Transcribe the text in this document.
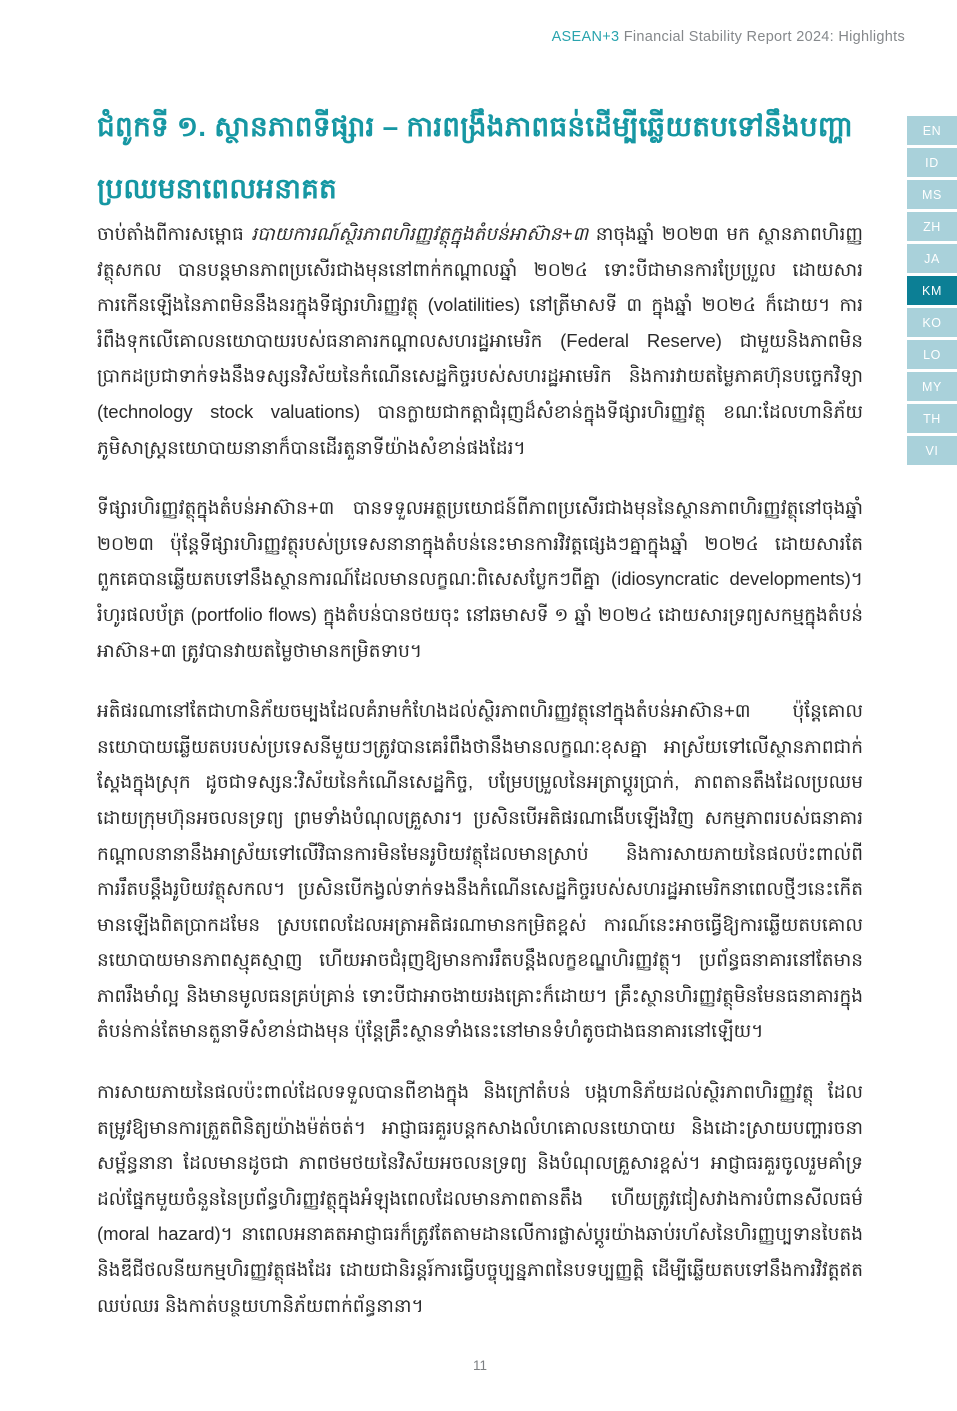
ASEAN+3 Financial Stability Report 2024: Highlights
EN
ID
MS
ZH
JA
KM
KO
LO
MY
TH
VI
ជំពូកទី ១. ស្ថានភាពទីផ្សារ – ការពង្រឹងភាពធន់ដើម្បីឆ្លើយតបទៅនឹងបញ្ហាប្រឈមនាពេលអនាគត

ចាប់តាំងពីការសម្ពោធ របាយការណ៍ស្ថិរភាពហិរញ្ញវត្ថុក្នុងតំបន់អាស៊ាន+៣ នាចុងឆ្នាំ ២០២៣ មក ស្ថានភាពហិរញ្ញវត្ថុសកល បានបន្តមានភាពប្រសើរជាងមុននៅពាក់កណ្តាលឆ្នាំ ២០២៤ ទោះបីជាមានការប្រែប្រួល ដោយសារការកើនឡើងនៃភាពមិននឹងនរក្នុងទីផ្សារហិរញ្ញវត្ថុ (volatilities) នៅត្រីមាសទី ៣ ក្នុងឆ្នាំ ២០២៤ ក៏ដោយ។ ការរំពឹងទុកលើគោលនយោបាយរបស់ធនាគារកណ្តាលសហរដ្ឋអាមេរិក (Federal Reserve) ជាមួយនិងភាពមិនប្រាកដប្រជាទាក់ទងនឹងទស្សនវិស័យនៃកំណើនសេដ្ឋកិច្ចរបស់សហរដ្ឋអាមេរិក និងការវាយតម្លៃភាគហ៊ុនបច្ចេកវិទ្យា (technology stock valuations) បានក្លាយជាកត្តាជំរុញដ៏សំខាន់ក្នុងទីផ្សារហិរញ្ញវត្ថុ ខណៈដែលហានិភ័យភូមិសាស្ត្រនយោបាយនានាក៏បានដើរតួនាទីយ៉ាងសំខាន់ផងដែរ។

ទីផ្សារហិរញ្ញវត្ថុក្នុងតំបន់អាស៊ាន+៣ បានទទួលអត្ថប្រយោជន៍ពីភាពប្រសើរជាងមុននៃស្ថានភាពហិរញ្ញវត្ថុនៅចុងឆ្នាំ ២០២៣ ប៉ុន្តែទីផ្សារហិរញ្ញវត្ថុរបស់ប្រទេសនានាក្នុងតំបន់នេះមានការវិវត្តផ្សេងៗគ្នាក្នុងឆ្នាំ ២០២៤ ដោយសារតែពួកគេបានឆ្លើយតបទៅនឹងស្ថានការណ៍ដែលមានលក្ខណៈពិសេសប្លែកៗពីគ្នា (idiosyncratic developments)។ រំហូរផលប័ត្រ (portfolio flows) ក្នុងតំបន់បានថយចុះ នៅឆមាសទី ១ ឆ្នាំ ២០២៤ ដោយសារទ្រព្យសកម្មក្នុងតំបន់អាស៊ាន+៣ ត្រូវបានវាយតម្លៃថាមានកម្រិតទាប។

អតិផរណានៅតែជាហានិភ័យចម្បងដែលគំរាមកំហែងដល់ស្ថិរភាពហិរញ្ញវត្ថុនៅក្នុងតំបន់អាស៊ាន+៣ ប៉ុន្តែគោលនយោបាយឆ្លើយតបរបស់ប្រទេសនីមួយៗត្រូវបានគេរំពឹងថានឹងមានលក្ខណៈខុសគ្នា អាស្រ័យទៅលើស្ថានភាពជាក់ស្តែងក្នុងស្រុក ដូចជាទស្សនៈវិស័យនៃកំណើនសេដ្ឋកិច្ច, បម្រែបម្រួលនៃអត្រាប្តូរប្រាក់, ភាពតានតឹងដែលប្រឈមដោយក្រុមហ៊ុនអចលនទ្រព្យ ព្រមទាំងបំណុលគ្រួសារ។ ប្រសិនបើអតិផរណាងើបឡើងវិញ សកម្មភាពរបស់ធនាគារកណ្តាលនានានឹងអាស្រ័យទៅលើវិធានការមិនមែនរូបិយវត្ថុដែលមានស្រាប់ និងការសាយភាយនៃផលប៉ះពាល់ពីការរឹតបន្តឹងរូបិយវត្ថុសកល។ ប្រសិនបើកង្វល់ទាក់ទងនឹងកំណើនសេដ្ឋកិច្ចរបស់សហរដ្ឋអាមេរិកនាពេលថ្មីៗនេះកើតមានឡើងពិតប្រាកដមែន ស្របពេលដែលអត្រាអតិផរណាមានកម្រិតខ្ពស់ ការណ៍នេះអាចធ្វើឱ្យការឆ្លើយតបគោលនយោបាយមានភាពស្មុគស្មាញ ហើយអាចជំរុញឱ្យមានការរឹតបន្តឹងលក្ខខណ្ឌហិរញ្ញវត្ថុ។ ប្រព័ន្ធធនាគារនៅតែមានភាពរឹងមាំល្អ និងមានមូលធនគ្រប់គ្រាន់ ទោះបីជាអាចងាយរងគ្រោះក៏ដោយ។ គ្រឹះស្ថានហិរញ្ញវត្ថុមិនមែនធនាគារក្នុងតំបន់កាន់តែមានតួនាទីសំខាន់ជាងមុន ប៉ុន្តែគ្រឹះស្ថានទាំងនេះនៅមានទំហំតូចជាងធនាគារនៅឡើយ។

ការសាយភាយនៃផលប៉ះពាល់ដែលទទួលបានពីខាងក្នុង និងក្រៅតំបន់ បង្កហានិភ័យដល់ស្ថិរភាពហិរញ្ញវត្ថុ ដែលតម្រូវឱ្យមានការត្រួតពិនិត្យយ៉ាងម៉ត់ចត់។ អាជ្ញាធរគួរបន្តកសាងលំហគោលនយោបាយ និងដោះស្រាយបញ្ហារចនាសម្ព័ន្ធនានា ដែលមានដូចជា ភាពថមថយនៃវិស័យអចលនទ្រព្យ និងបំណុលគ្រួសារខ្ពស់។ អាជ្ញាធរគួរចូលរួមគាំទ្រដល់ផ្នែកមួយចំនួននៃប្រព័ន្ធហិរញ្ញវត្ថុក្នុងអំឡុងពេលដែលមានភាពតានតឹង ហើយត្រូវជៀសវាងការបំពានសីលធម៌ (moral hazard)។ នាពេលអនាគតអាជ្ញាធរក៏ត្រូវតែតាមដានលើការផ្លាស់ប្តូរយ៉ាងឆាប់រហ័សនៃហិរញ្ញប្បទានបៃតង និងឌីជីថលនីយកម្មហិរញ្ញវត្ថុផងដែរ ដោយជានិរន្តរ៍ការធ្វើបច្ចុប្បន្នភាពនៃបទប្បញ្ញត្តិ ដើម្បីឆ្លើយតបទៅនឹងការវិវត្តឥតឈប់ឈរ និងកាត់បន្ថយហានិភ័យពាក់ព័ន្ធនានា។

11
